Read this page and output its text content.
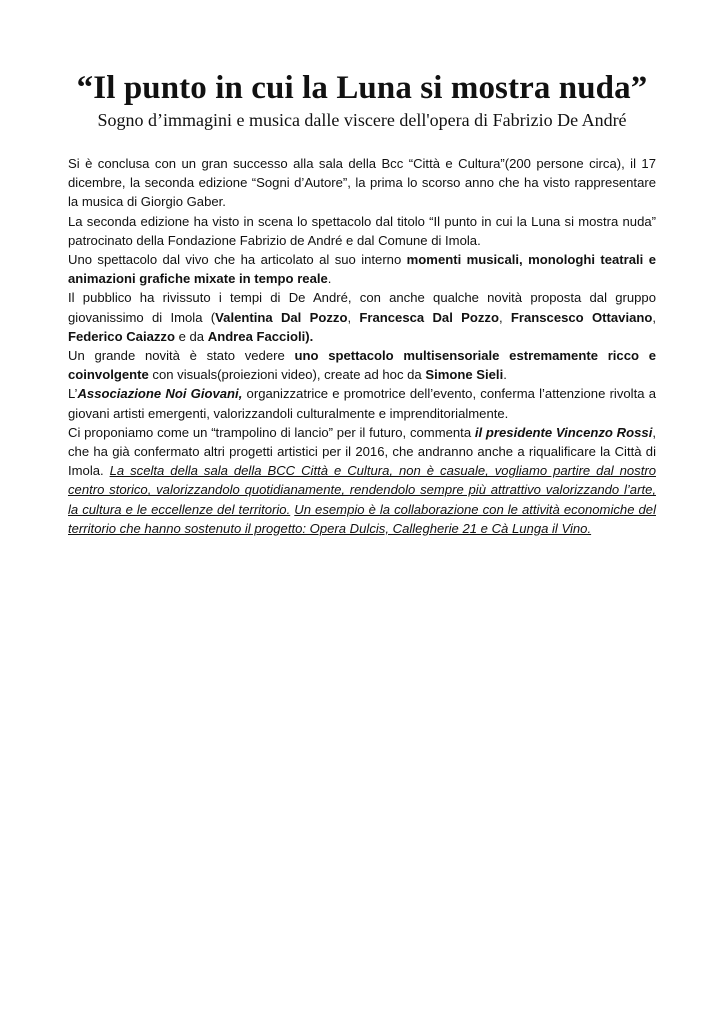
“Il punto in cui la Luna si mostra nuda”
Sogno d’immagini e musica dalle viscere dell'opera di Fabrizio De André

Si è conclusa con un gran successo alla sala della Bcc “Città e Cultura”(200 persone circa), il 17 dicembre, la seconda edizione “Sogni d’Autore”, la prima lo scorso anno che ha visto rappresentare la musica di Giorgio Gaber.

La seconda edizione ha visto in scena lo spettacolo dal titolo “Il punto in cui la Luna si mostra nuda” patrocinato della Fondazione Fabrizio de André e dal Comune di Imola.

Uno spettacolo dal vivo che ha articolato al suo interno momenti musicali, monologhi teatrali e animazioni grafiche mixate in tempo reale.

Il pubblico ha rivissuto i tempi di De André, con anche qualche novità proposta dal gruppo giovanissimo di Imola (Valentina Dal Pozzo, Francesca Dal Pozzo, Franscesco Ottaviano, Federico Caiazzo e da Andrea Faccioli).

Un grande novità è stato vedere uno spettacolo multisensoriale estremamente ricco e coinvolgente con visuals(proiezioni video), create ad hoc da Simone Sieli.

L’Associazione Noi Giovani, organizzatrice e promotrice dell’evento, conferma l’attenzione rivolta a giovani artisti emergenti, valorizzandoli culturalmente e imprenditorialmente.

Ci proponiamo come un “trampolino di lancio” per il futuro, commenta il presidente Vincenzo Rossi, che ha già confermato altri progetti artistici per il 2016, che andranno anche a riqualificare la Città di Imola. La scelta della sala della BCC Città e Cultura, non è casuale, vogliamo partire dal nostro centro storico, valorizzandolo quotidianamente, rendendolo sempre più attrattivo valorizzando l’arte, la cultura e le eccellenze del territorio. Un esempio è la collaborazione con le attività economiche del territorio che hanno sostenuto il progetto: Opera Dulcis, Callegherie 21 e Cà Lunga il Vino.
